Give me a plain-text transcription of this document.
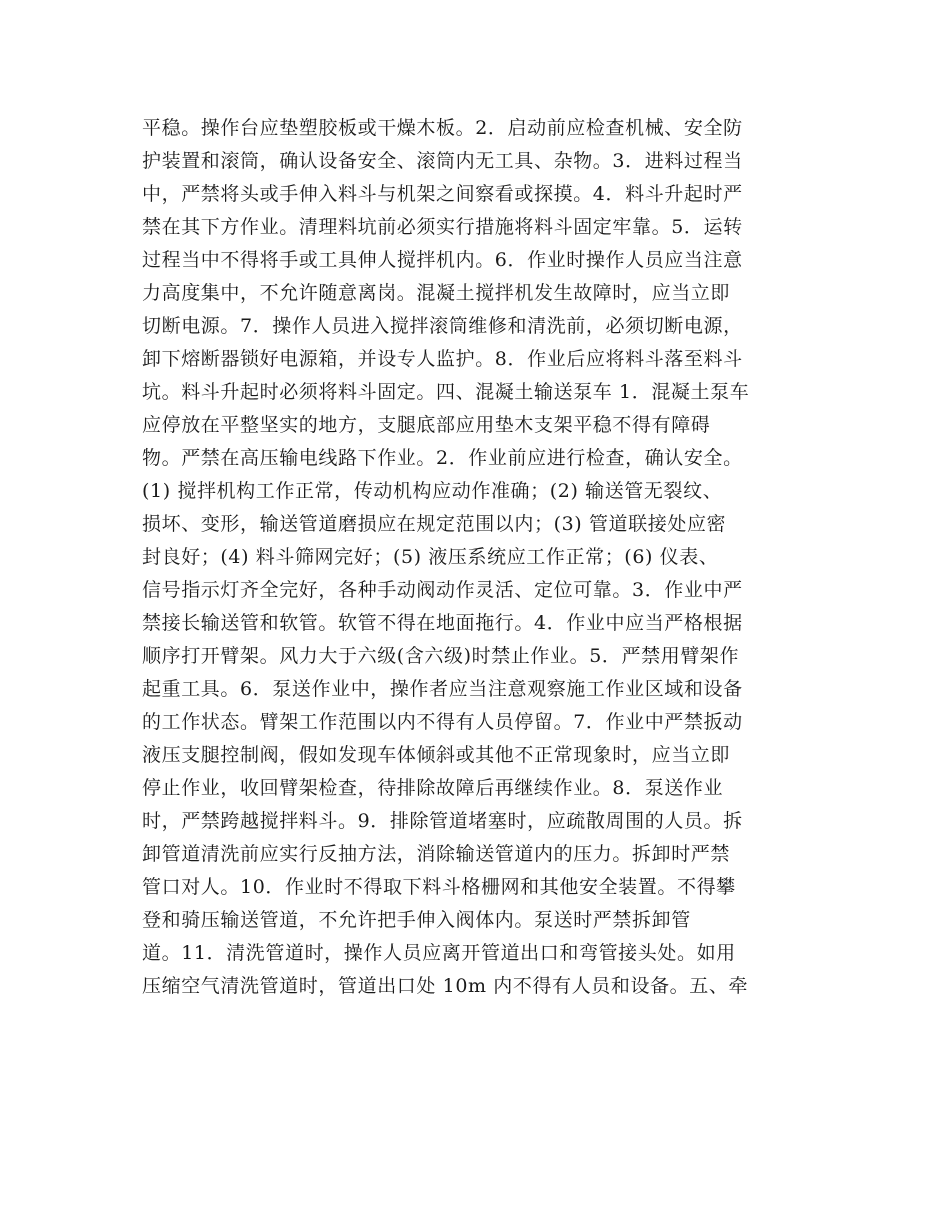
平稳。操作台应垫塑胶板或干燥木板。2．启动前应检查机械、安全防
护装置和滚筒，确认设备安全、滚筒内无工具、杂物。3．进料过程当
中，严禁将头或手伸入料斗与机架之间察看或探摸。4．料斗升起时严
禁在其下方作业。清理料坑前必须实行措施将料斗固定牢靠。5．运转
过程当中不得将手或工具伸人搅拌机内。6．作业时操作人员应当注意
力高度集中，不允许随意离岗。混凝土搅拌机发生故障时，应当立即
切断电源。7．操作人员进入搅拌滚筒维修和清洗前，必须切断电源，
卸下熔断器锁好电源箱，并设专人监护。8．作业后应将料斗落至料斗
坑。料斗升起时必须将料斗固定。四、混凝土输送泵车 1．混凝土泵车
应停放在平整坚实的地方，支腿底部应用垫木支架平稳不得有障碍
物。严禁在高压输电线路下作业。2．作业前应进行检查，确认安全。
(1) 搅拌机构工作正常，传动机构应动作准确；(2) 输送管无裂纹、
损坏、变形，输送管道磨损应在规定范围以内；(3) 管道联接处应密
封良好；(4) 料斗筛网完好；(5) 液压系统应工作正常；(6) 仪表、
信号指示灯齐全完好，各种手动阀动作灵活、定位可靠。3．作业中严
禁接长输送管和软管。软管不得在地面拖行。4．作业中应当严格根据
顺序打开臂架。风力大于六级(含六级)时禁止作业。5．严禁用臂架作
起重工具。6．泵送作业中，操作者应当注意观察施工作业区域和设备
的工作状态。臂架工作范围以内不得有人员停留。7．作业中严禁扳动
液压支腿控制阀，假如发现车体倾斜或其他不正常现象时，应当立即
停止作业，收回臂架检查，待排除故障后再继续作业。8．泵送作业
时，严禁跨越搅拌料斗。9．排除管道堵塞时，应疏散周围的人员。拆
卸管道清洗前应实行反抽方法，消除输送管道内的压力。拆卸时严禁
管口对人。10．作业时不得取下料斗格栅网和其他安全装置。不得攀
登和骑压输送管道，不允许把手伸入阀体内。泵送时严禁拆卸管
道。11．清洗管道时，操作人员应离开管道出口和弯管接头处。如用
压缩空气清洗管道时，管道出口处 10m 内不得有人员和设备。五、牵
